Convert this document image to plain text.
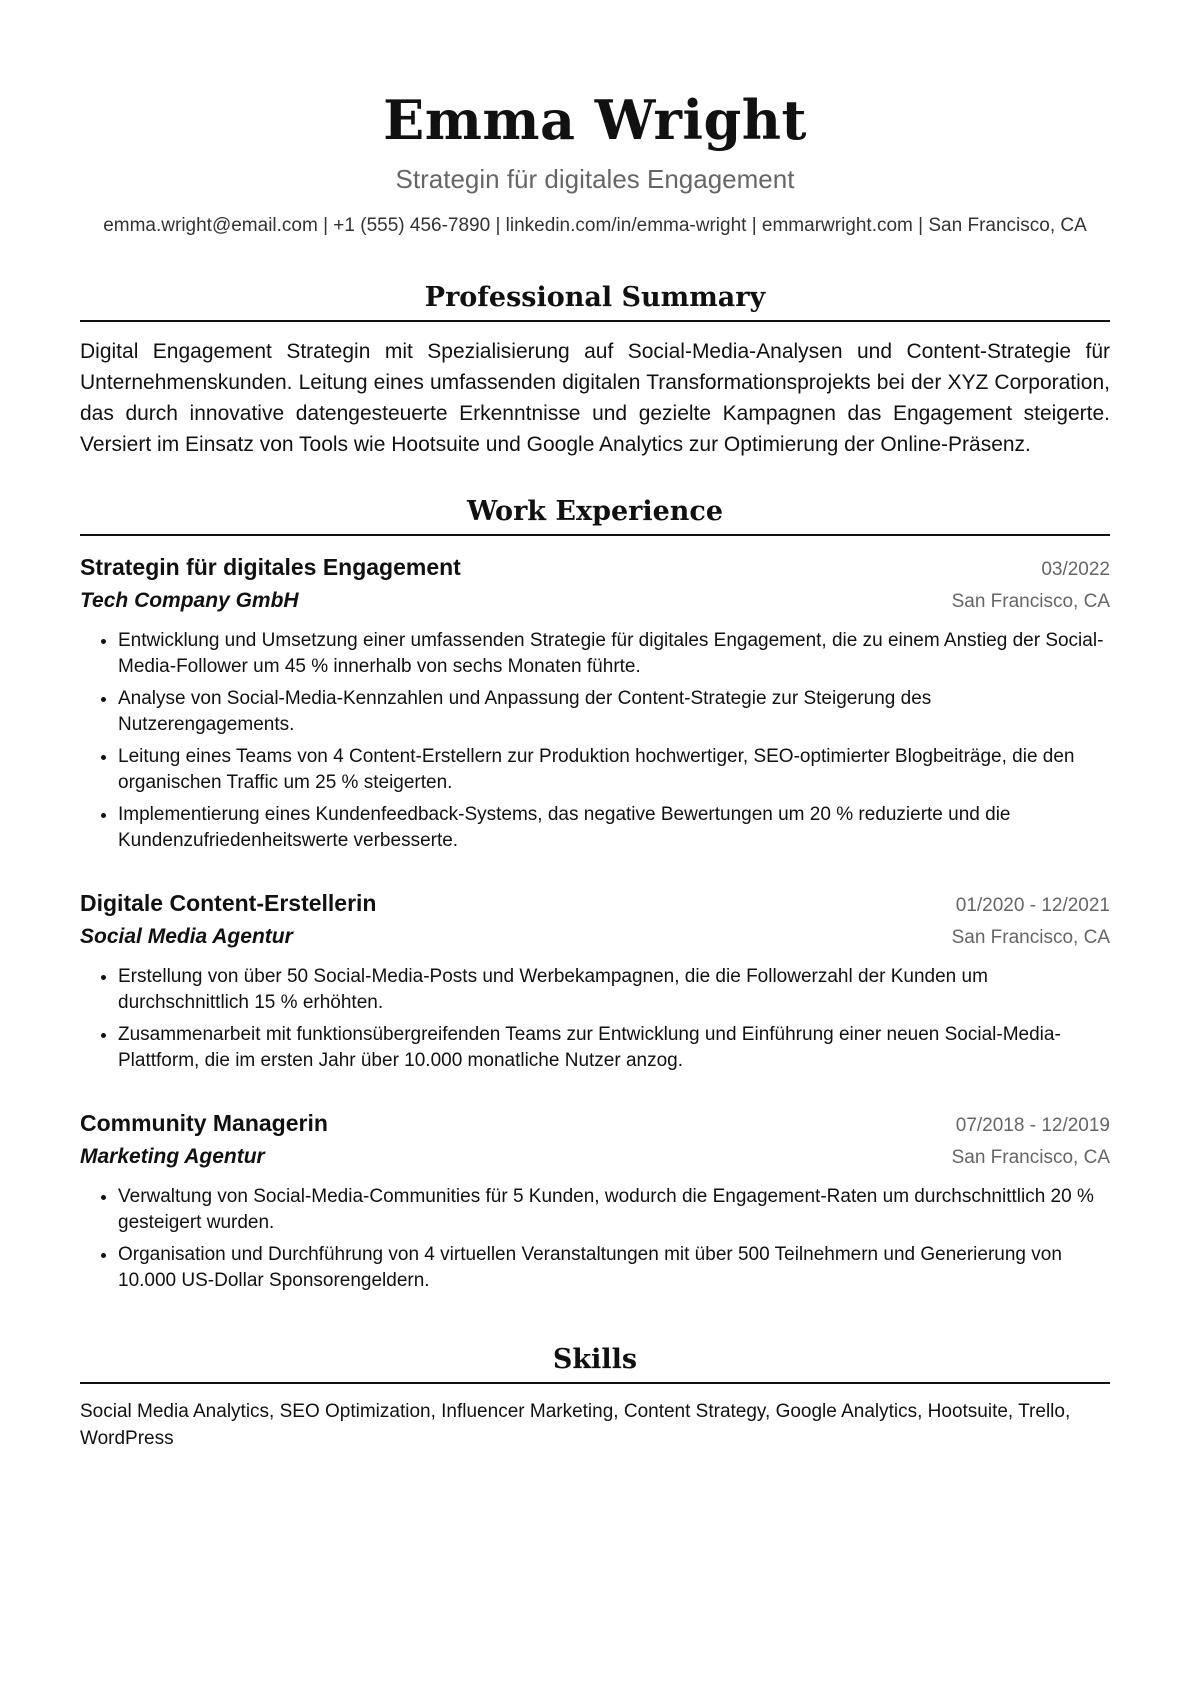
Emma Wright
Strategin für digitales Engagement
emma.wright@email.com | +1 (555) 456-7890 | linkedin.com/in/emma-wright | emmarwright.com | San Francisco, CA
Professional Summary
Digital Engagement Strategin mit Spezialisierung auf Social-Media-Analysen und Content-Strategie für Unternehmenskunden. Leitung eines umfassenden digitalen Transformationsprojekts bei der XYZ Corporation, das durch innovative datengesteuerte Erkenntnisse und gezielte Kampagnen das Engagement steigerte. Versiert im Einsatz von Tools wie Hootsuite und Google Analytics zur Optimierung der Online-Präsenz.
Work Experience
Strategin für digitales Engagement	03/2022
Tech Company GmbH	San Francisco, CA
• Entwicklung und Umsetzung einer umfassenden Strategie für digitales Engagement, die zu einem Anstieg der Social-Media-Follower um 45 % innerhalb von sechs Monaten führte.
• Analyse von Social-Media-Kennzahlen und Anpassung der Content-Strategie zur Steigerung des Nutzerengagements.
• Leitung eines Teams von 4 Content-Erstellern zur Produktion hochwertiger, SEO-optimierter Blogbeiträge, die den organischen Traffic um 25 % steigerten.
• Implementierung eines Kundenfeedback-Systems, das negative Bewertungen um 20 % reduzierte und die Kundenzufriedenheitswerte verbesserte.
Digitale Content-Erstellerin	01/2020 - 12/2021
Social Media Agentur	San Francisco, CA
• Erstellung von über 50 Social-Media-Posts und Werbekampagnen, die die Followerzahl der Kunden um durchschnittlich 15 % erhöhten.
• Zusammenarbeit mit funktionsübergreifenden Teams zur Entwicklung und Einführung einer neuen Social-Media-Plattform, die im ersten Jahr über 10.000 monatliche Nutzer anzog.
Community Managerin	07/2018 - 12/2019
Marketing Agentur	San Francisco, CA
• Verwaltung von Social-Media-Communities für 5 Kunden, wodurch die Engagement-Raten um durchschnittlich 20 % gesteigert wurden.
• Organisation und Durchführung von 4 virtuellen Veranstaltungen mit über 500 Teilnehmern und Generierung von 10.000 US-Dollar Sponsorengeldern.
Skills
Social Media Analytics, SEO Optimization, Influencer Marketing, Content Strategy, Google Analytics, Hootsuite, Trello, WordPress
